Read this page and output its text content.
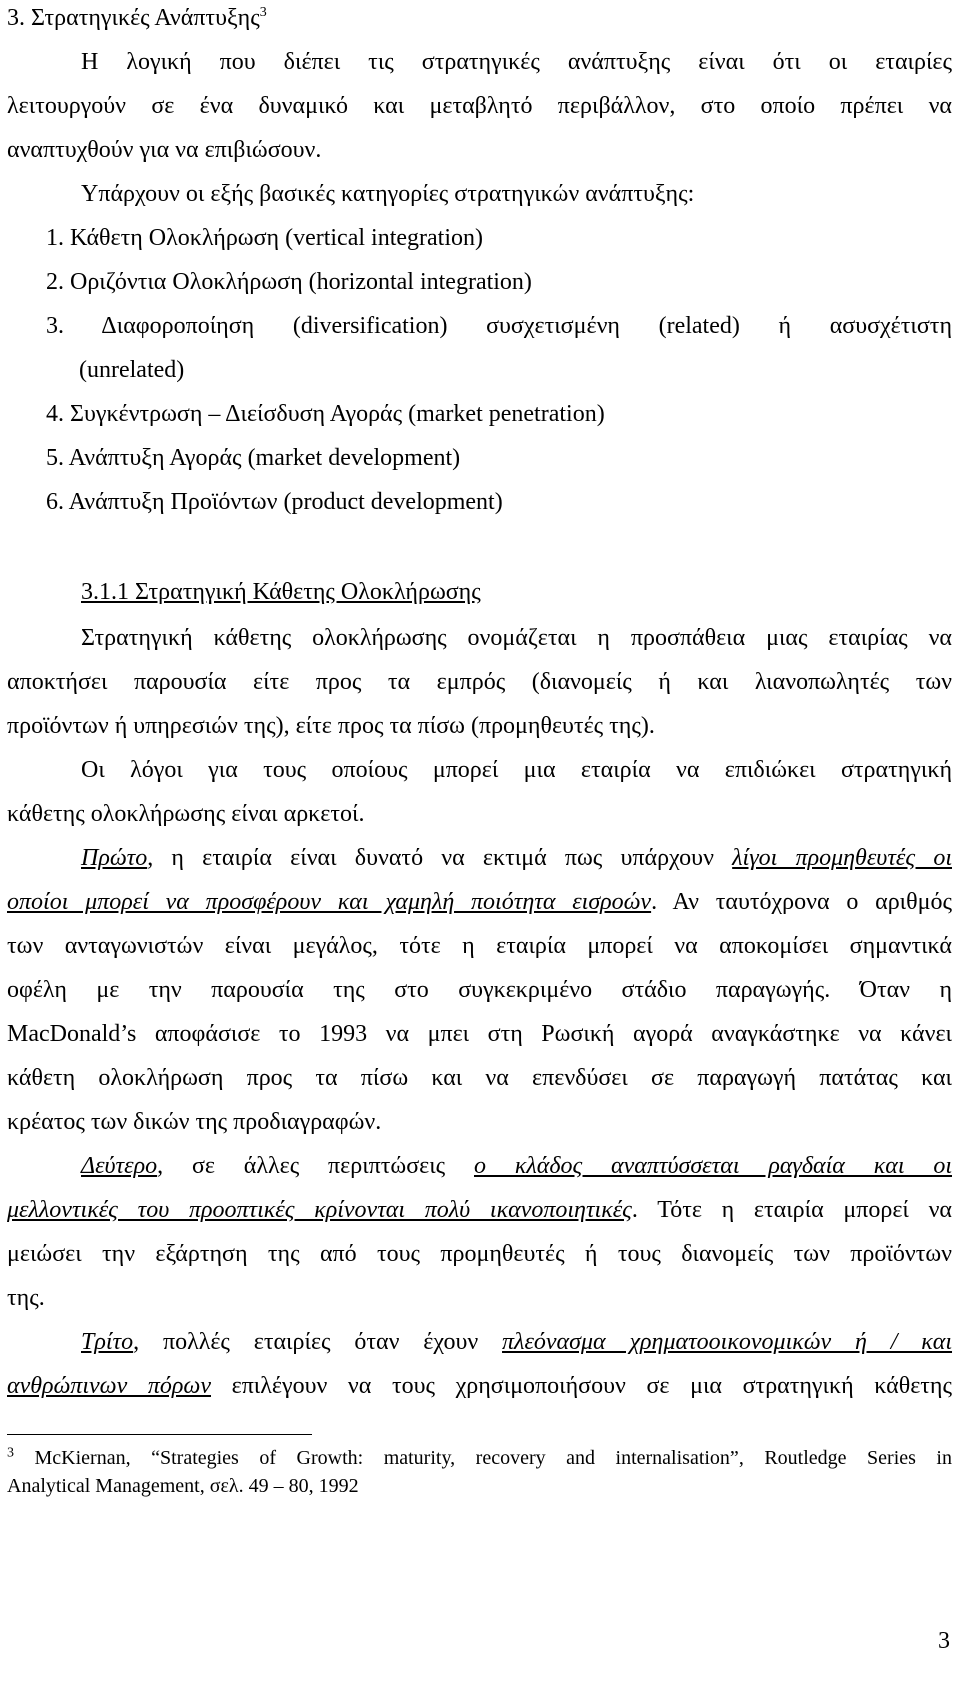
3. Στρατηγικές Ανάπτυξης$^3$
Η λογική που διέπει τις στρατηγικές ανάπτυξης είναι ότι οι εταιρίες
λειτουργούν σε ένα δυναμικό και μεταβλητό περιβάλλον, στο οποίο πρέπει να
αναπτυχθούν για να επιβιώσουν.
Υπάρχουν οι εξής βασικές κατηγορίες στρατηγικών ανάπτυξης:
1. Κάθετη Ολοκλήρωση (vertical integration)
2. Οριζόντια Ολοκλήρωση (horizontal integration)
3. Διαφοροποίηση (diversification) συσχετισμένη (related) ή ασυσχέτιστη
(unrelated)
4. Συγκέντρωση – Διείσδυση Αγοράς (market penetration)
5. Ανάπτυξη Αγοράς (market development)
6. Ανάπτυξη Προϊόντων (product development)
3.1.1 Στρατηγική Κάθετης Ολοκλήρωσης
Στρατηγική κάθετης ολοκλήρωσης ονομάζεται η προσπάθεια μιας εταιρίας να
αποκτήσει παρουσία είτε προς τα εμπρός (διανομείς ή και λιανοπωλητές των
προϊόντων ή υπηρεσιών της), είτε προς τα πίσω (προμηθευτές της).
Οι λόγοι για τους οποίους μπορεί μια εταιρία να επιδιώκει στρατηγική
κάθετης ολοκλήρωσης είναι αρκετοί.
Πρώτο, η εταιρία είναι δυνατό να εκτιμά πως υπάρχουν λίγοι προμηθευτές οι
οποίοι μπορεί να προσφέρουν και χαμηλή ποιότητα εισροών. Αν ταυτόχρονα ο αριθμός
των ανταγωνιστών είναι μεγάλος, τότε η εταιρία μπορεί να αποκομίσει σημαντικά
οφέλη με την παρουσία της στο συγκεκριμένο στάδιο παραγωγής. Όταν η
MacDonald’s αποφάσισε το 1993 να μπει στη Ρωσική αγορά αναγκάστηκε να κάνει
κάθετη ολοκλήρωση προς τα πίσω και να επενδύσει σε παραγωγή πατάτας και
κρέατος των δικών της προδιαγραφών.
Δεύτερο, σε άλλες περιπτώσεις ο κλάδος αναπτύσσεται ραγδαία και οι
μελλοντικές του προοπτικές κρίνονται πολύ ικανοποιητικές. Τότε η εταιρία μπορεί να
μειώσει την εξάρτηση της από τους προμηθευτές ή τους διανομείς των προϊόντων
της.
Τρίτο, πολλές εταιρίες όταν έχουν πλεόνασμα χρηματοοικονομικών ή / και
ανθρώπινων πόρων επιλέγουν να τους χρησιμοποιήσουν σε μια στρατηγική κάθετης
$^3$ McKiernan, “Strategies of Growth: maturity, recovery and internalisation”, Routledge Series in
Analytical Management, σελ. 49 – 80, 1992
3
